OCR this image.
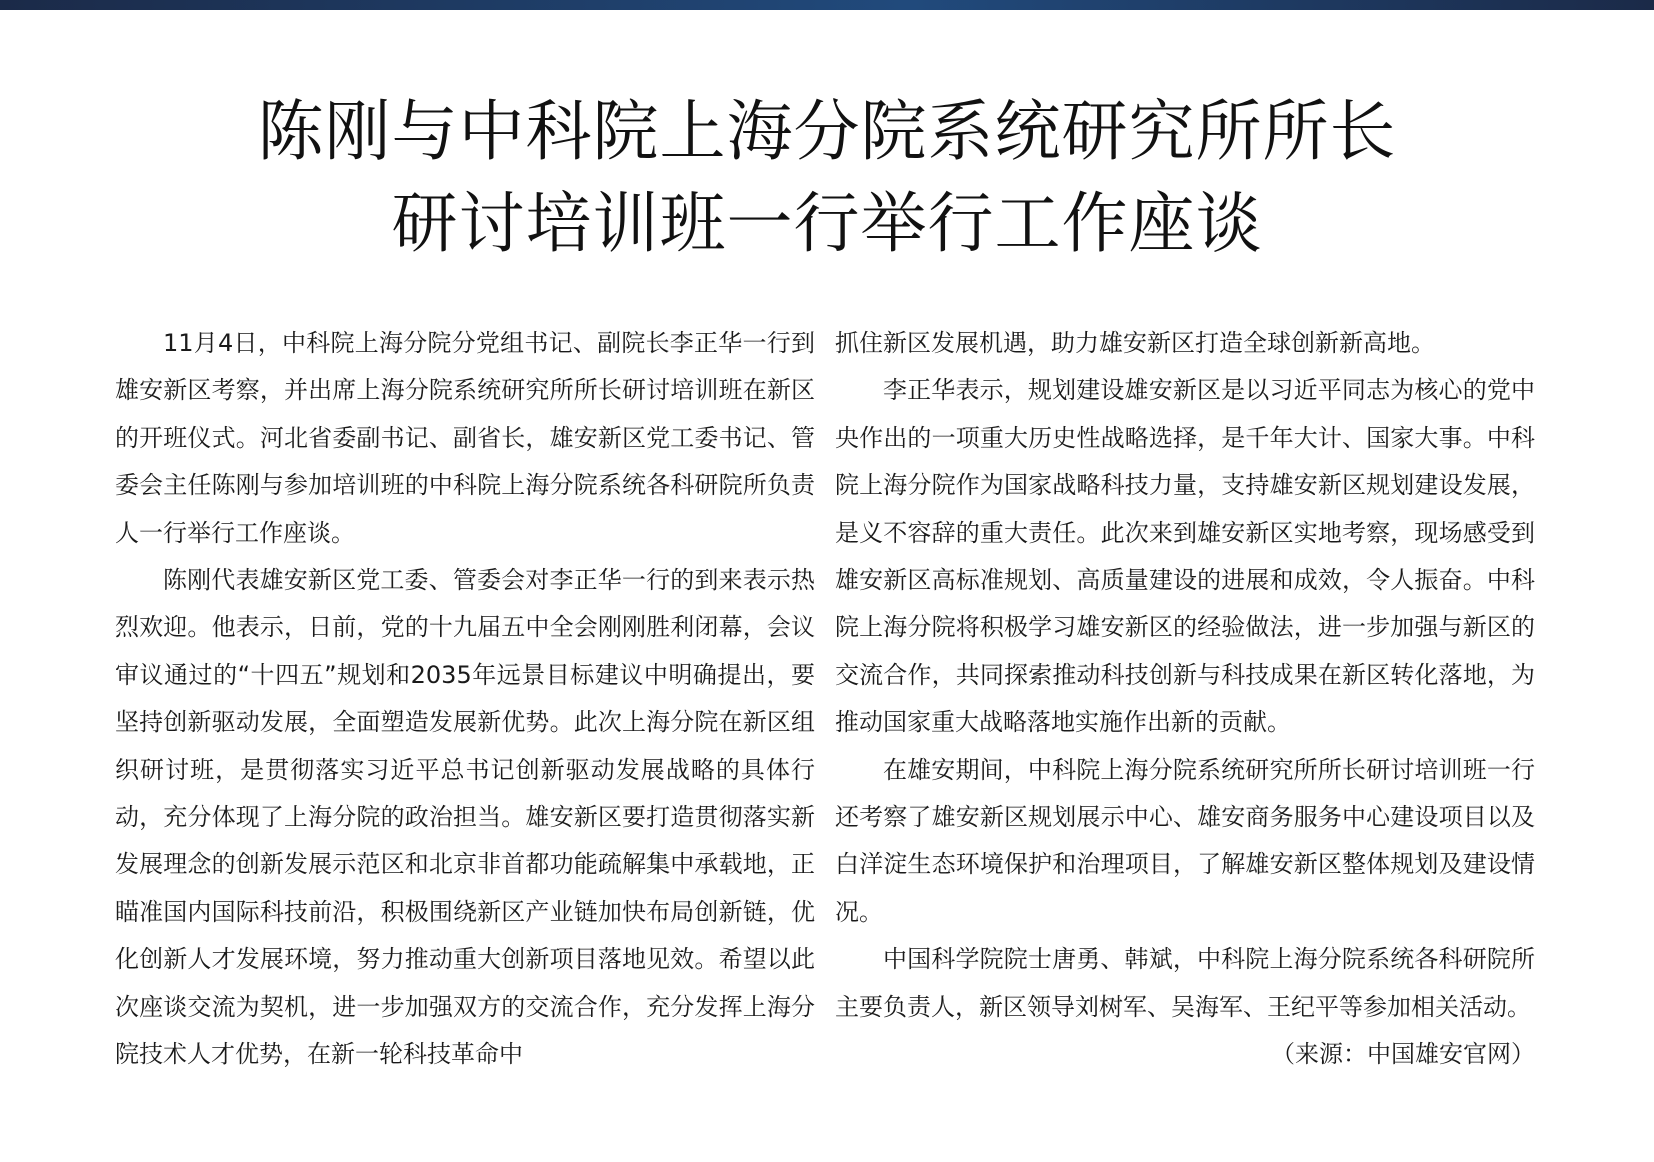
陈刚与中科院上海分院系统研究所所长
研讨培训班一行举行工作座谈

11月4日，中科院上海分院分党组书记、副院长李正华一行到雄安新区考察，并出席上海分院系统研究所所长研讨培训班在新区的开班仪式。河北省委副书记、副省长，雄安新区党工委书记、管委会主任陈刚与参加培训班的中科院上海分院系统各科研院所负责人一行举行工作座谈。

陈刚代表雄安新区党工委、管委会对李正华一行的到来表示热烈欢迎。他表示，日前，党的十九届五中全会刚刚胜利闭幕，会议审议通过的“十四五”规划和2035年远景目标建议中明确提出，要坚持创新驱动发展，全面塑造发展新优势。此次上海分院在新区组织研讨班，是贯彻落实习近平总书记创新驱动发展战略的具体行动，充分体现了上海分院的政治担当。雄安新区要打造贯彻落实新发展理念的创新发展示范区和北京非首都功能疏解集中承载地，正瞄准国内国际科技前沿，积极围绕新区产业链加快布局创新链，优化创新人才发展环境，努力推动重大创新项目落地见效。希望以此次座谈交流为契机，进一步加强双方的交流合作，充分发挥上海分院技术人才优势，在新一轮科技革命中

抓住新区发展机遇，助力雄安新区打造全球创新新高地。

李正华表示，规划建设雄安新区是以习近平同志为核心的党中央作出的一项重大历史性战略选择，是千年大计、国家大事。中科院上海分院作为国家战略科技力量，支持雄安新区规划建设发展，是义不容辞的重大责任。此次来到雄安新区实地考察，现场感受到雄安新区高标准规划、高质量建设的进展和成效，令人振奋。中科院上海分院将积极学习雄安新区的经验做法，进一步加强与新区的交流合作，共同探索推动科技创新与科技成果在新区转化落地，为推动国家重大战略落地实施作出新的贡献。

在雄安期间，中科院上海分院系统研究所所长研讨培训班一行还考察了雄安新区规划展示中心、雄安商务服务中心建设项目以及白洋淀生态环境保护和治理项目，了解雄安新区整体规划及建设情况。

中国科学院院士唐勇、韩斌，中科院上海分院系统各科研院所主要负责人，新区领导刘树军、吴海军、王纪平等参加相关活动。
（来源：中国雄安官网）
